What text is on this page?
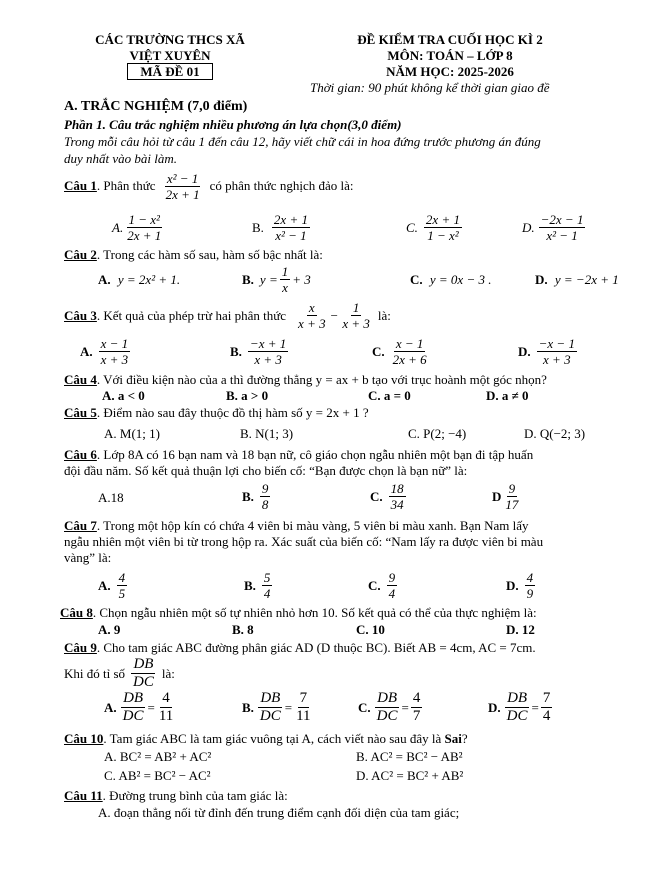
CÁC TRƯỜNG THCS XÃ
VIỆT XUYÊN
MÃ ĐỀ 01
ĐỀ KIỂM TRA CUỐI HỌC KÌ 2
MÔN: TOÁN – LỚP 8
NĂM HỌC: 2025-2026
Thời gian: 90 phút không kể thời gian giao đề
A. TRẮC NGHIỆM (7,0 điểm)
Phần 1. Câu trắc nghiệm nhiều phương án lựa chọn(3,0 điểm)
Trong mỗi câu hỏi từ câu 1 đến câu 12, hãy viết chữ cái in hoa đứng trước phương án đúng
duy nhất vào bài làm.
Câu 1 . Phân thức $\frac{\text{x² − 1}}{2x + 1}$ có phân thức nghịch đảo là:
A. $\frac{\text{1 − x²}}{2x + 1}$	B. $\frac{2x + 1}{\text{x² − 1}}$	C. $\frac{2x + 1}{\text{1 − x²}}$	D. $\frac{-2x - 1}{\text{x² − 1}}$
Câu 2. Trong các hàm số sau, hàm số bậc nhất là:
A. y = 2x² + 1.	B. $y = \frac{1}{x} + 3$	C. y = 0x − 3 .	D. y = −2x + 1
Câu 3 . Kết quả của phép trừ hai phân thức $\frac{x}{x + 3} - \frac{1}{x + 3}$ là:
A. $\frac{x - 1}{x + 3}$	B. $\frac{-x + 1}{x + 3}$	C. $\frac{x - 1}{2x + 6}$	D. $\frac{-x - 1}{x + 3}$
Câu 4. Với điều kiện nào của a thì đường thẳng y = ax + b tạo với trục hoành một góc nhọn?
A. a < 0	B. a > 0	C. a = 0	D. a ≠ 0
Câu 5. Điểm nào sau đây thuộc đồ thị hàm số y = 2x + 1 ?
A. M(1; 1)	B. N(1; 3)	C. P(2; −4)	D. Q(−2; 3)
Câu 6. Lớp 8A có 16 bạn nam và 18 bạn nữ, cô giáo chọn ngẫu nhiên một bạn đi tập huấn
đội đầu năm. Số kết quả thuận lợi cho biến cố: “Bạn được chọn là bạn nữ” là:
A.18	B. $\frac{9}{8}$	C. $\frac{18}{34}$	D $\frac{9}{17}$
Câu 7. Trong một hộp kín có chứa 4 viên bi màu vàng, 5 viên bi màu xanh. Bạn Nam lấy
ngẫu nhiên một viên bi từ trong hộp ra. Xác suất của biến cố: “Nam lấy ra được viên bi màu
vàng” là:
A. $\frac{4}{5}$	B. $\frac{5}{4}$	C. $\frac{9}{4}$	D. $\frac{4}{9}$
Câu 8. Chọn ngẫu nhiên một số tự nhiên nhỏ hơn 10. Số kết quả có thể của thực nghiệm là:
A. 9	B. 8	C. 10	D. 12
Câu 9. Cho tam giác ABC đường phân giác AD (D thuộc BC). Biết AB = 4cm, AC = 7cm.
Khi đó tỉ số $\frac{DB}{DC}$ là:
A. $\frac{DB}{DC} = \frac{4}{11}$	B. $\frac{DB}{DC} = \frac{7}{11}$	C. $\frac{DB}{DC} = \frac{4}{7}$	D. $\frac{DB}{DC} = \frac{7}{4}$
Câu 10. Tam giác ABC là tam giác vuông tại A, cách viết nào sau đây là Sai?
A. BC² = AB² + AC²	B. AC² = BC² − AB²
C. AB² = BC² − AC²	D. AC² = BC² + AB²
Câu 11. Đường trung bình của tam giác là:
A. đoạn thẳng nối từ đỉnh đến trung điểm cạnh đối diện của tam giác;
